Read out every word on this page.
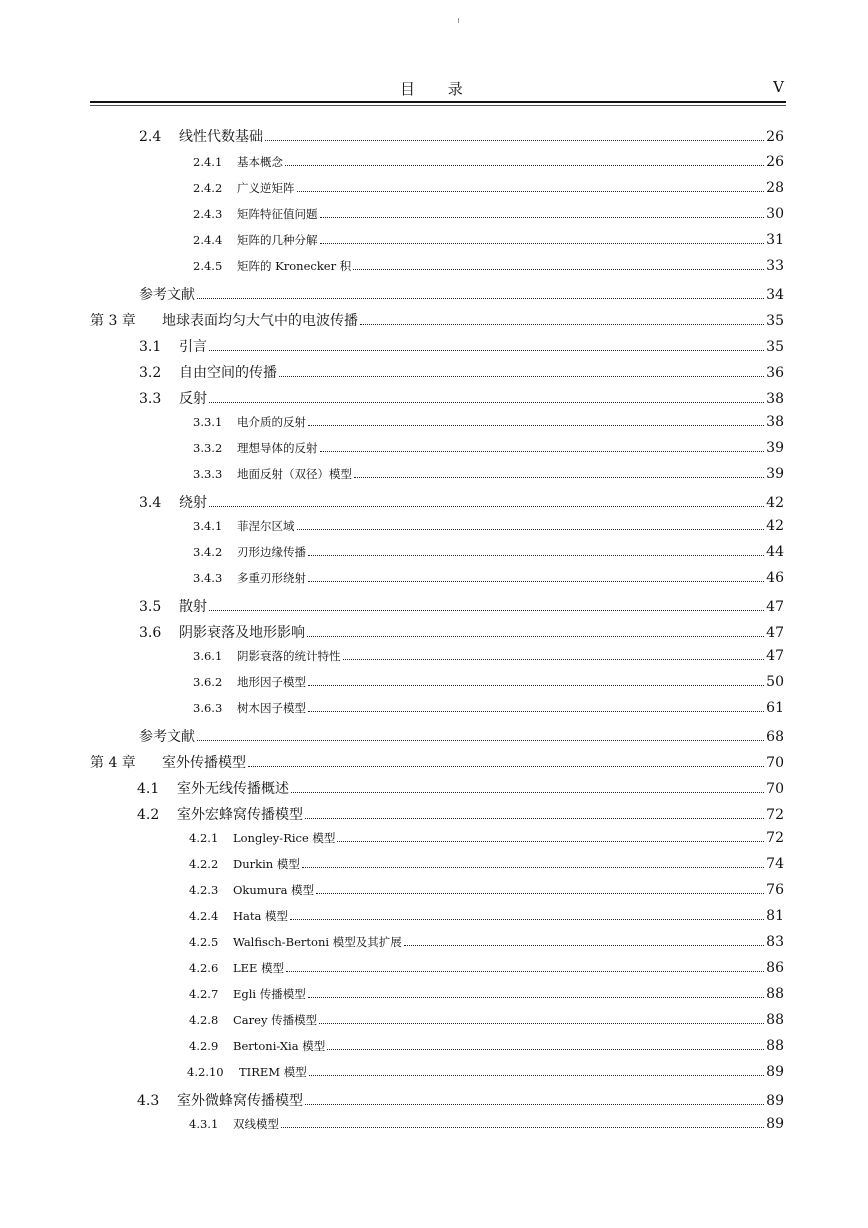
目 录	V
2.4	线性代数基础	26
2.4.1	基本概念	26
2.4.2	广义逆矩阵	28
2.4.3	矩阵特征值问题	30
2.4.4	矩阵的几种分解	31
2.4.5	矩阵的 Kronecker 积	33
参考文献	34
第 3 章	地球表面均匀大气中的电波传播	35
3.1	引言	35
3.2	自由空间的传播	36
3.3	反射	38
3.3.1	电介质的反射	38
3.3.2	理想导体的反射	39
3.3.3	地面反射（双径）模型	39
3.4	绕射	42
3.4.1	菲涅尔区域	42
3.4.2	刃形边缘传播	44
3.4.3	多重刃形绕射	46
3.5	散射	47
3.6	阴影衰落及地形影响	47
3.6.1	阴影衰落的统计特性	47
3.6.2	地形因子模型	50
3.6.3	树木因子模型	61
参考文献	68
第 4 章	室外传播模型	70
4.1	室外无线传播概述	70
4.2	室外宏蜂窝传播模型	72
4.2.1	Longley-Rice 模型	72
4.2.2	Durkin 模型	74
4.2.3	Okumura 模型	76
4.2.4	Hata 模型	81
4.2.5	Walfisch-Bertoni 模型及其扩展	83
4.2.6	LEE 模型	86
4.2.7	Egli 传播模型	88
4.2.8	Carey 传播模型	88
4.2.9	Bertoni-Xia 模型	88
4.2.10	TIREM 模型	89
4.3	室外微蜂窝传播模型	89
4.3.1	双线模型	89
